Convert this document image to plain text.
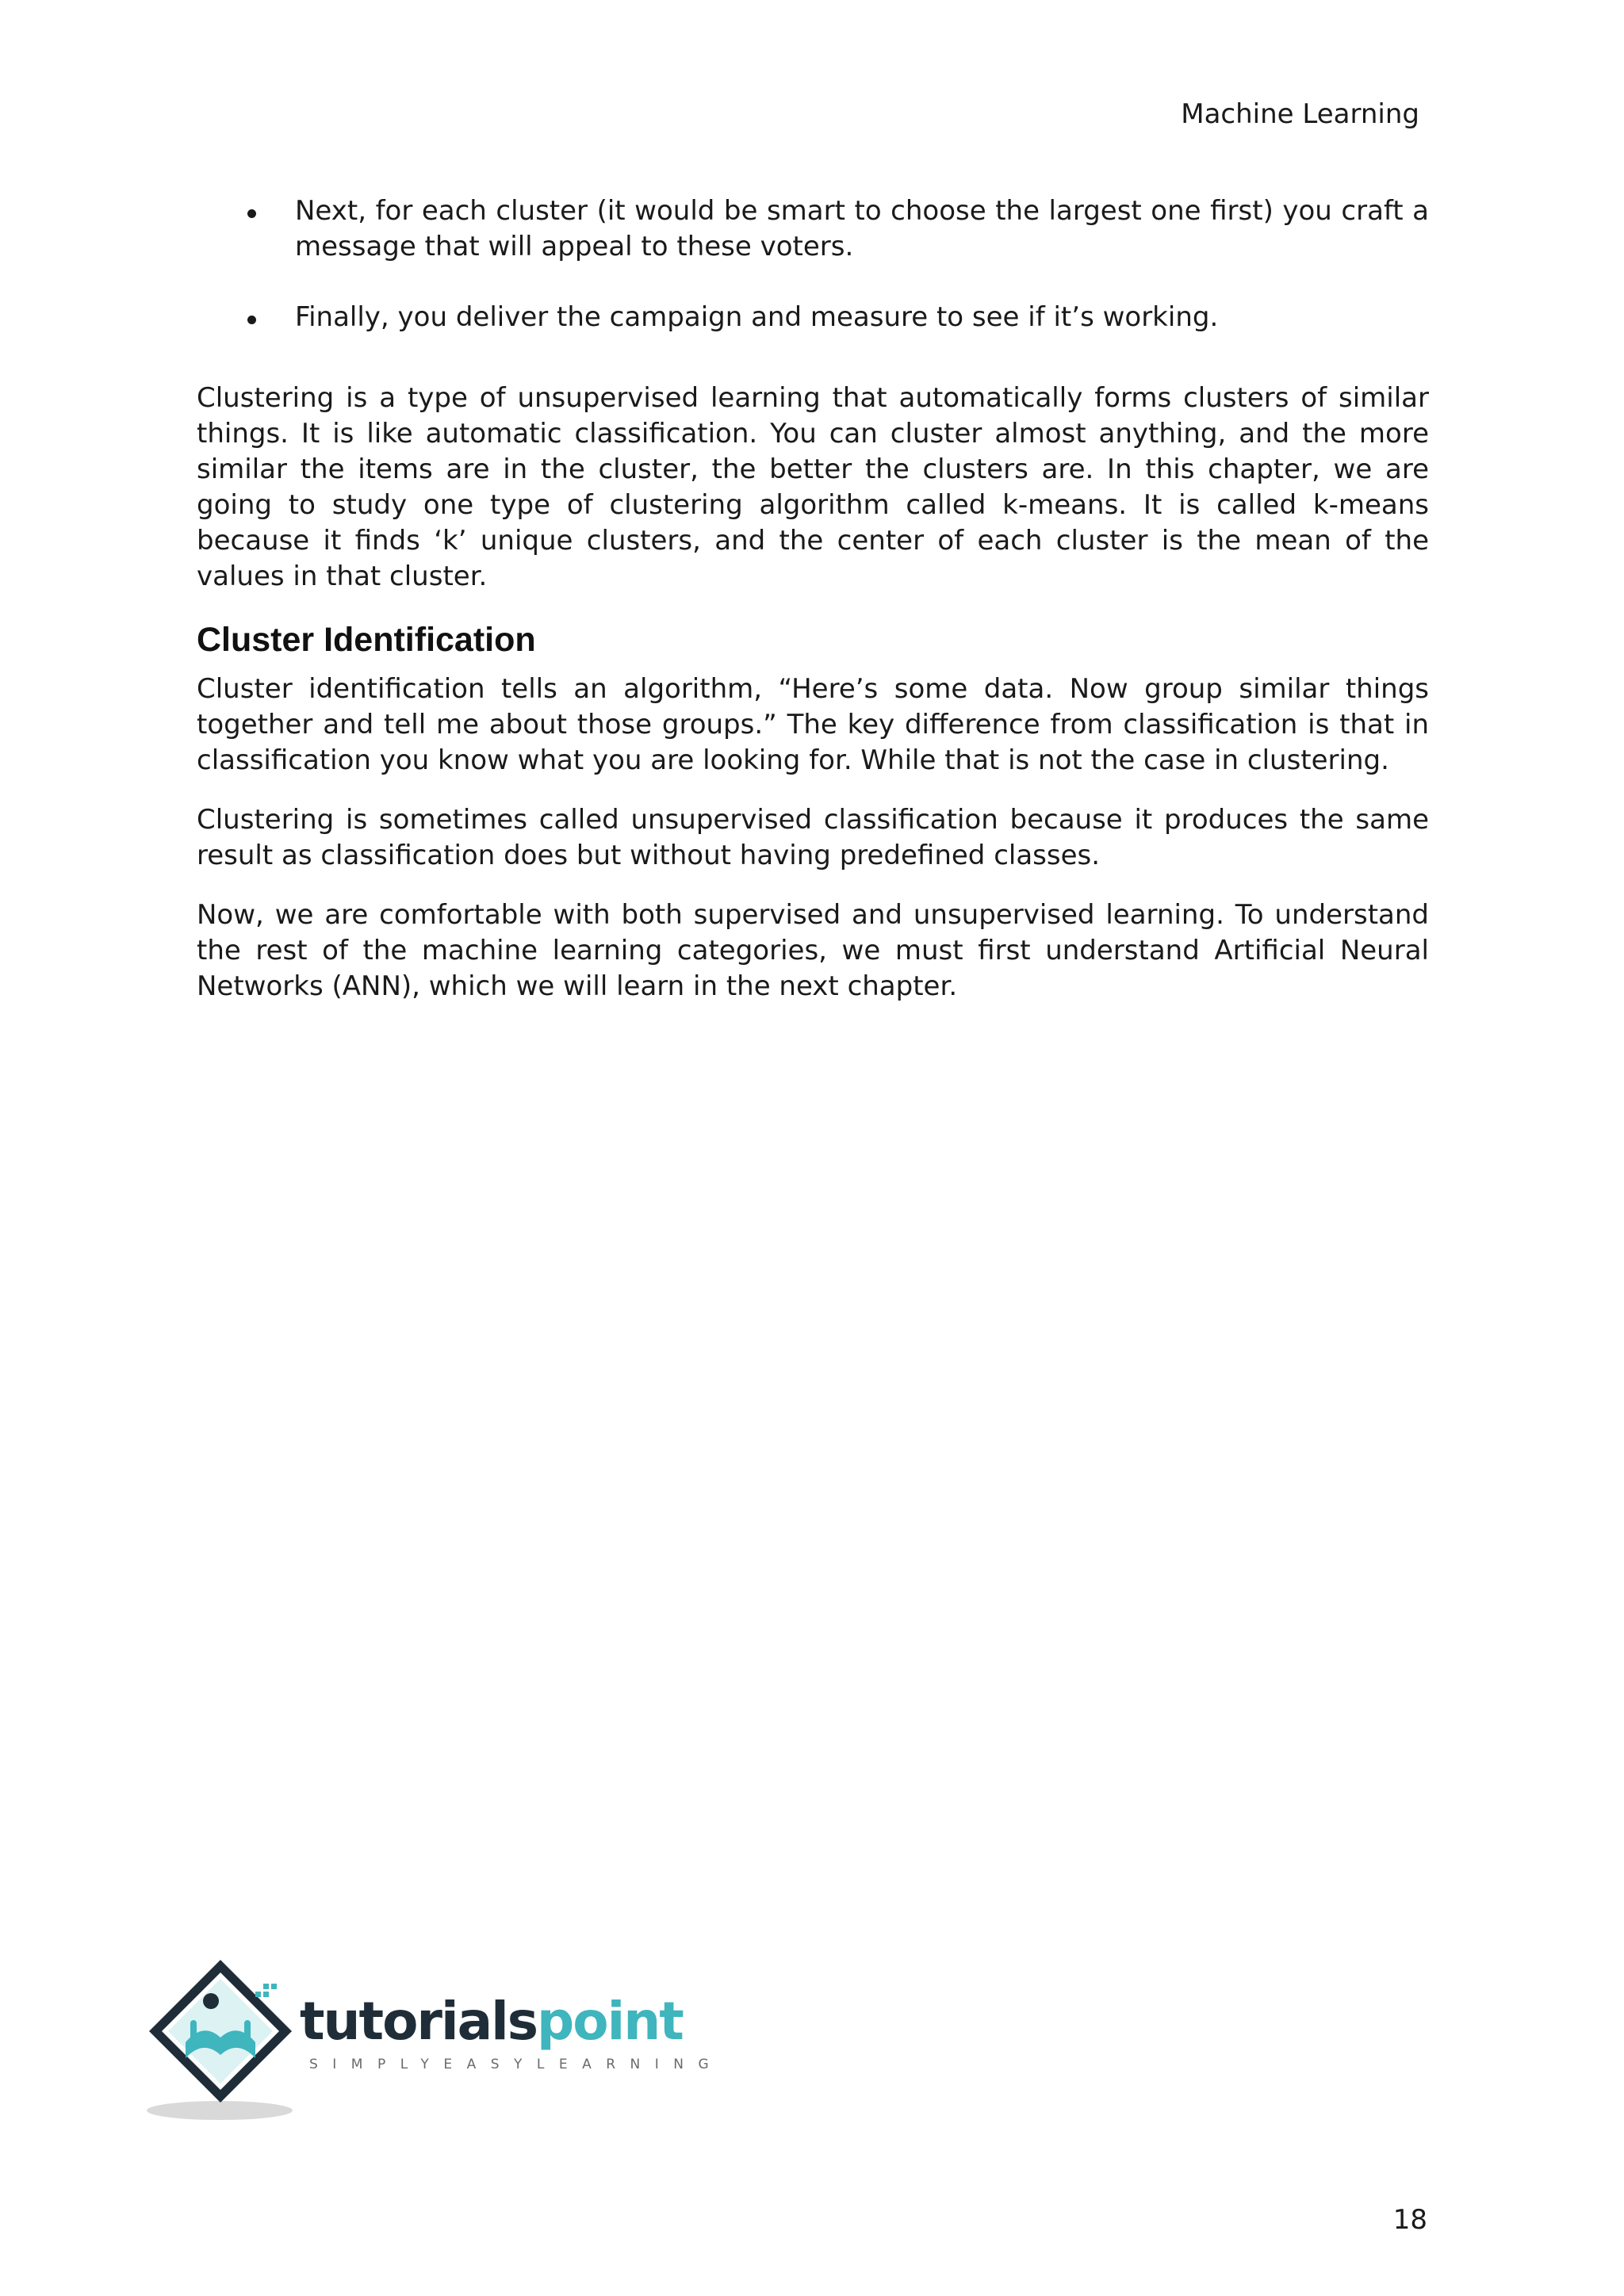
Machine Learning
Next, for each cluster (it would be smart to choose the largest one first) you craft a message that will appeal to these voters.
Finally, you deliver the campaign and measure to see if it’s working.

Clustering is a type of unsupervised learning that automatically forms clusters of similar things. It is like automatic classification. You can cluster almost anything, and the more similar the items are in the cluster, the better the clusters are. In this chapter, we are going to study one type of clustering algorithm called k-means. It is called k-means because it finds ‘k’ unique clusters, and the center of each cluster is the mean of the values in that cluster.

Cluster Identification

Cluster identification tells an algorithm, “Here’s some data. Now group similar things together and tell me about those groups.” The key difference from classification is that in classification you know what you are looking for. While that is not the case in clustering.

Clustering is sometimes called unsupervised classification because it produces the same result as classification does but without having predefined classes.

Now, we are comfortable with both supervised and unsupervised learning. To understand the rest of the machine learning categories, we must first understand Artificial Neural Networks (ANN), which we will learn in the next chapter.

tutorialspoint
SIMPLYEASYLEARNING
18
